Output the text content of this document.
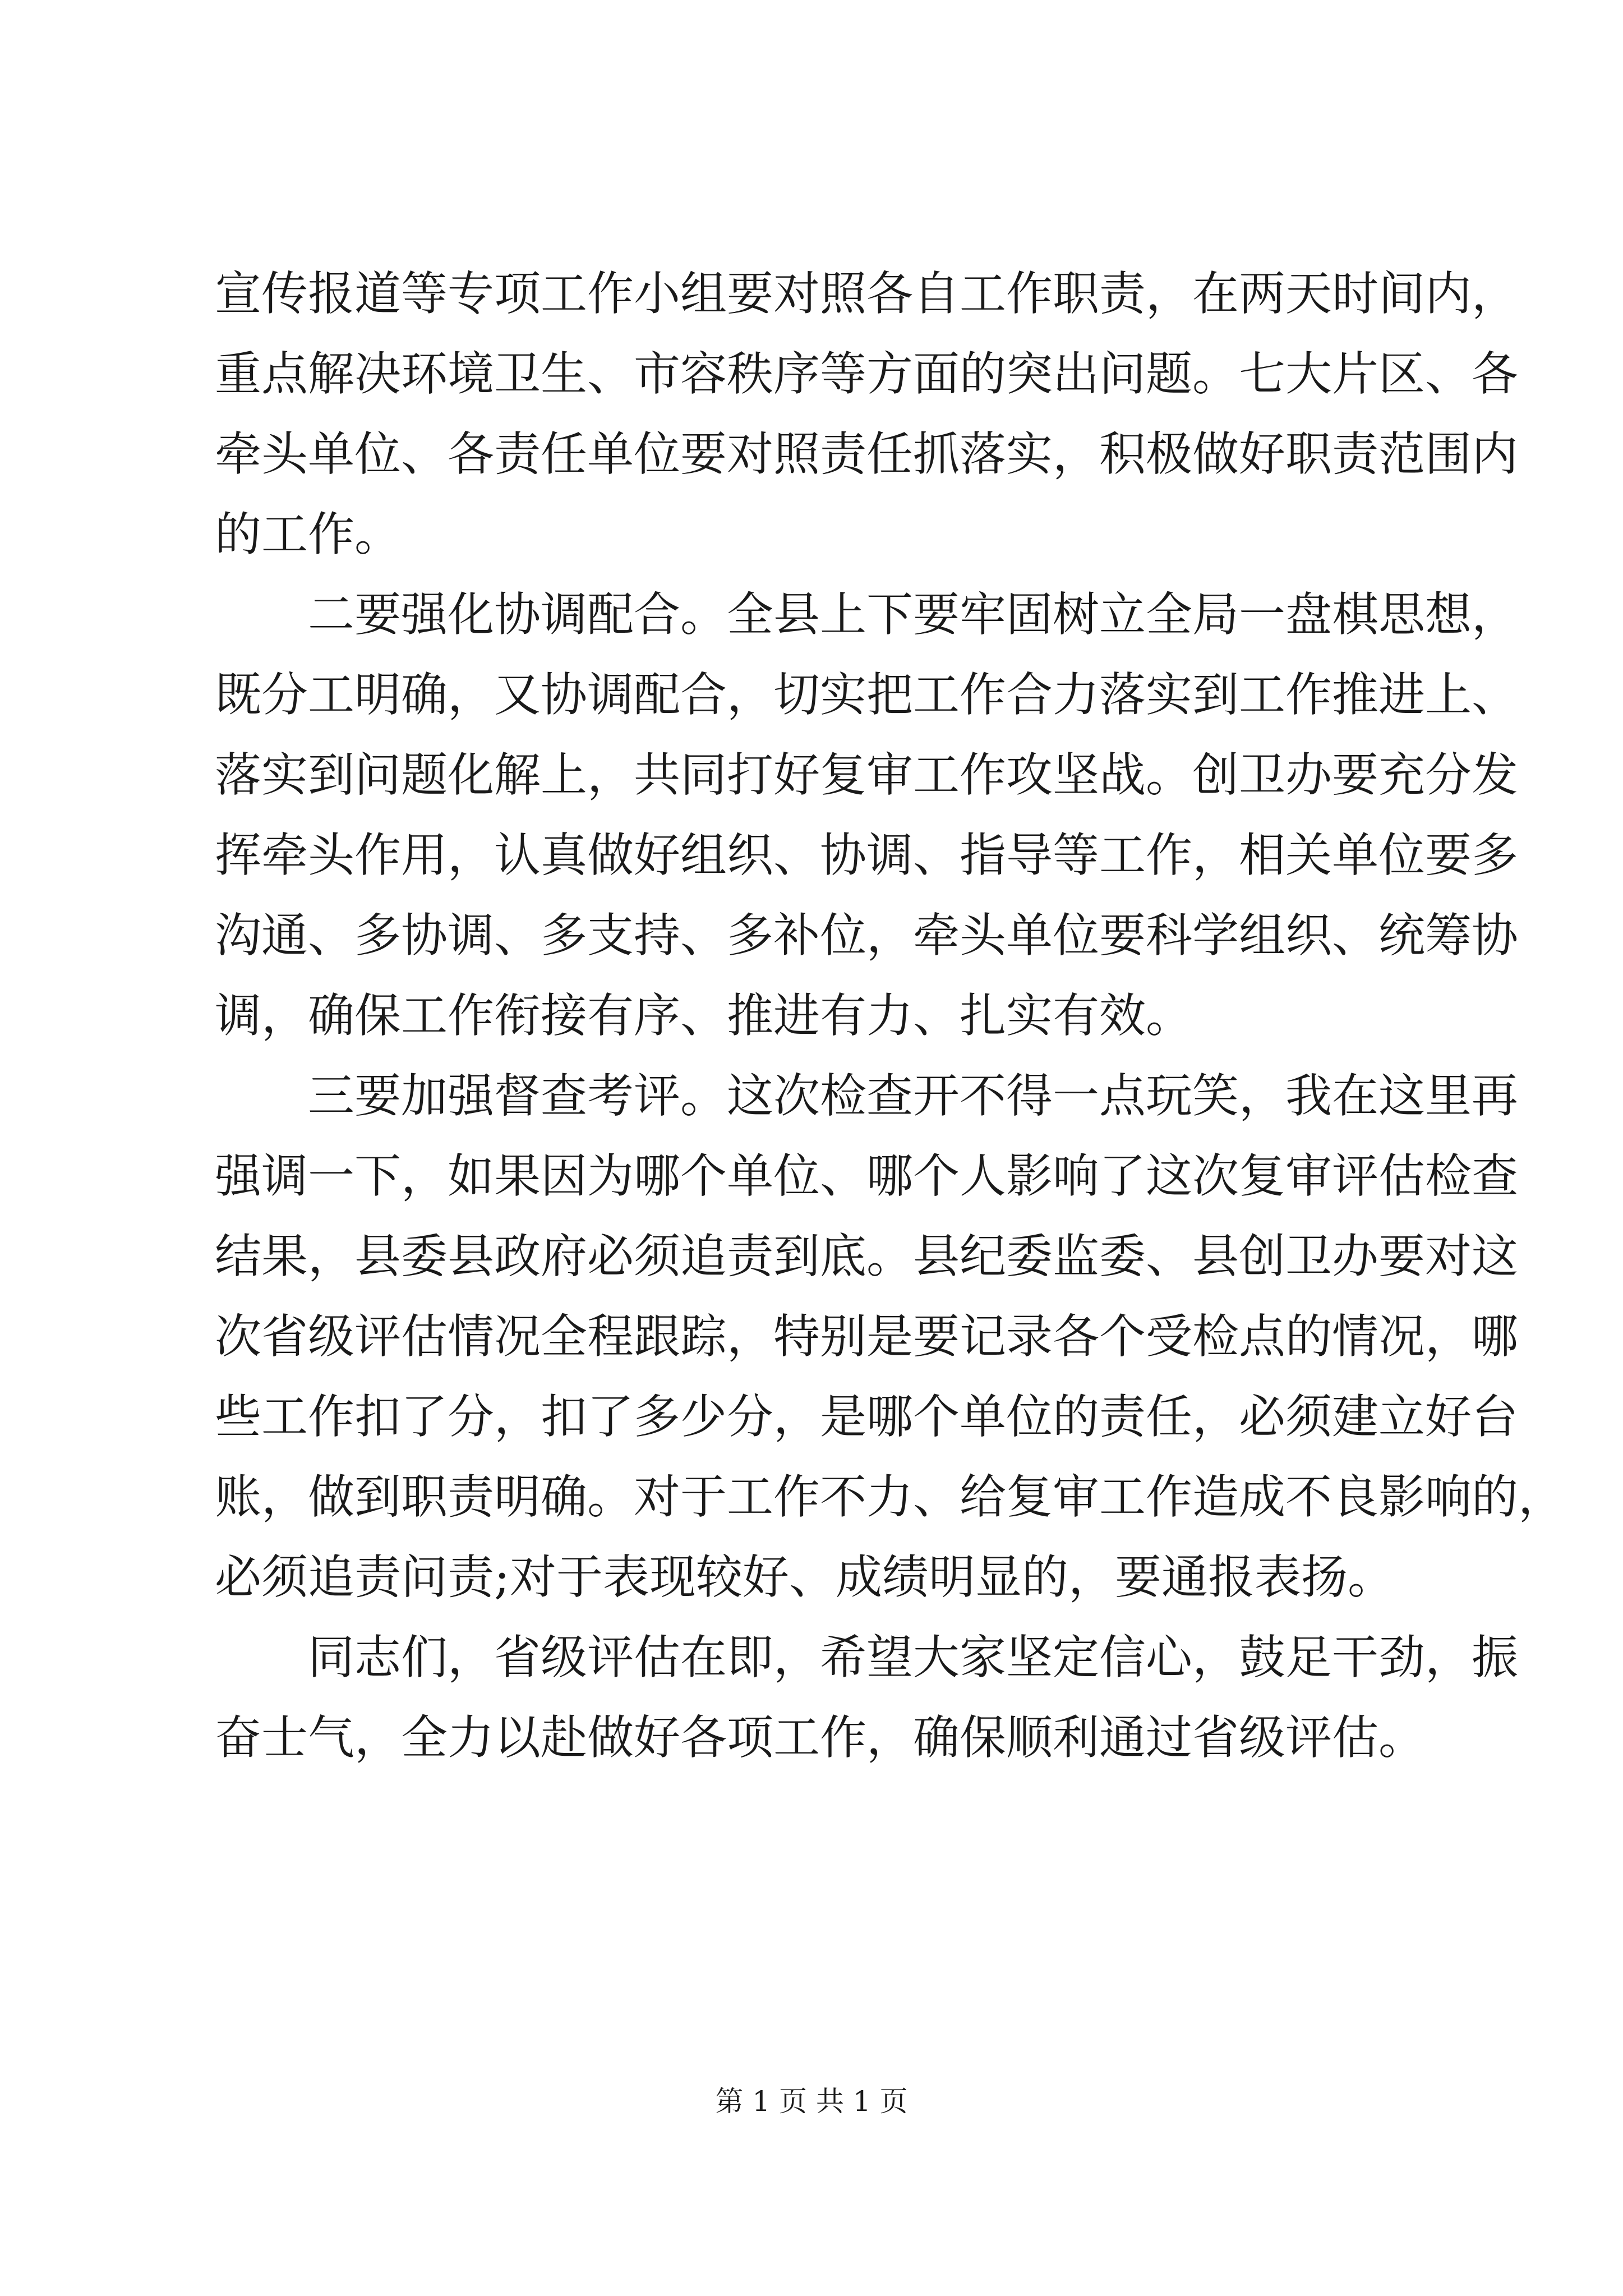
宣传报道等专项工作小组要对照各自工作职责，在两天时间内，
重点解决环境卫生、市容秩序等方面的突出问题。七大片区、各
牵头单位、各责任单位要对照责任抓落实，积极做好职责范围内
的工作。
二要强化协调配合。全县上下要牢固树立全局一盘棋思想，
既分工明确，又协调配合，切实把工作合力落实到工作推进上、
落实到问题化解上，共同打好复审工作攻坚战。创卫办要充分发
挥牵头作用，认真做好组织、协调、指导等工作，相关单位要多
沟通、多协调、多支持、多补位，牵头单位要科学组织、统筹协
调，确保工作衔接有序、推进有力、扎实有效。
三要加强督查考评。这次检查开不得一点玩笑，我在这里再
强调一下，如果因为哪个单位、哪个人影响了这次复审评估检查
结果，县委县政府必须追责到底。县纪委监委、县创卫办要对这
次省级评估情况全程跟踪，特别是要记录各个受检点的情况，哪
些工作扣了分，扣了多少分，是哪个单位的责任，必须建立好台
账，做到职责明确。对于工作不力、给复审工作造成不良影响的，
必须追责问责;对于表现较好、成绩明显的，要通报表扬。
同志们，省级评估在即，希望大家坚定信心，鼓足干劲，振
奋士气，全力以赴做好各项工作，确保顺利通过省级评估。
第 1 页 共 1 页
